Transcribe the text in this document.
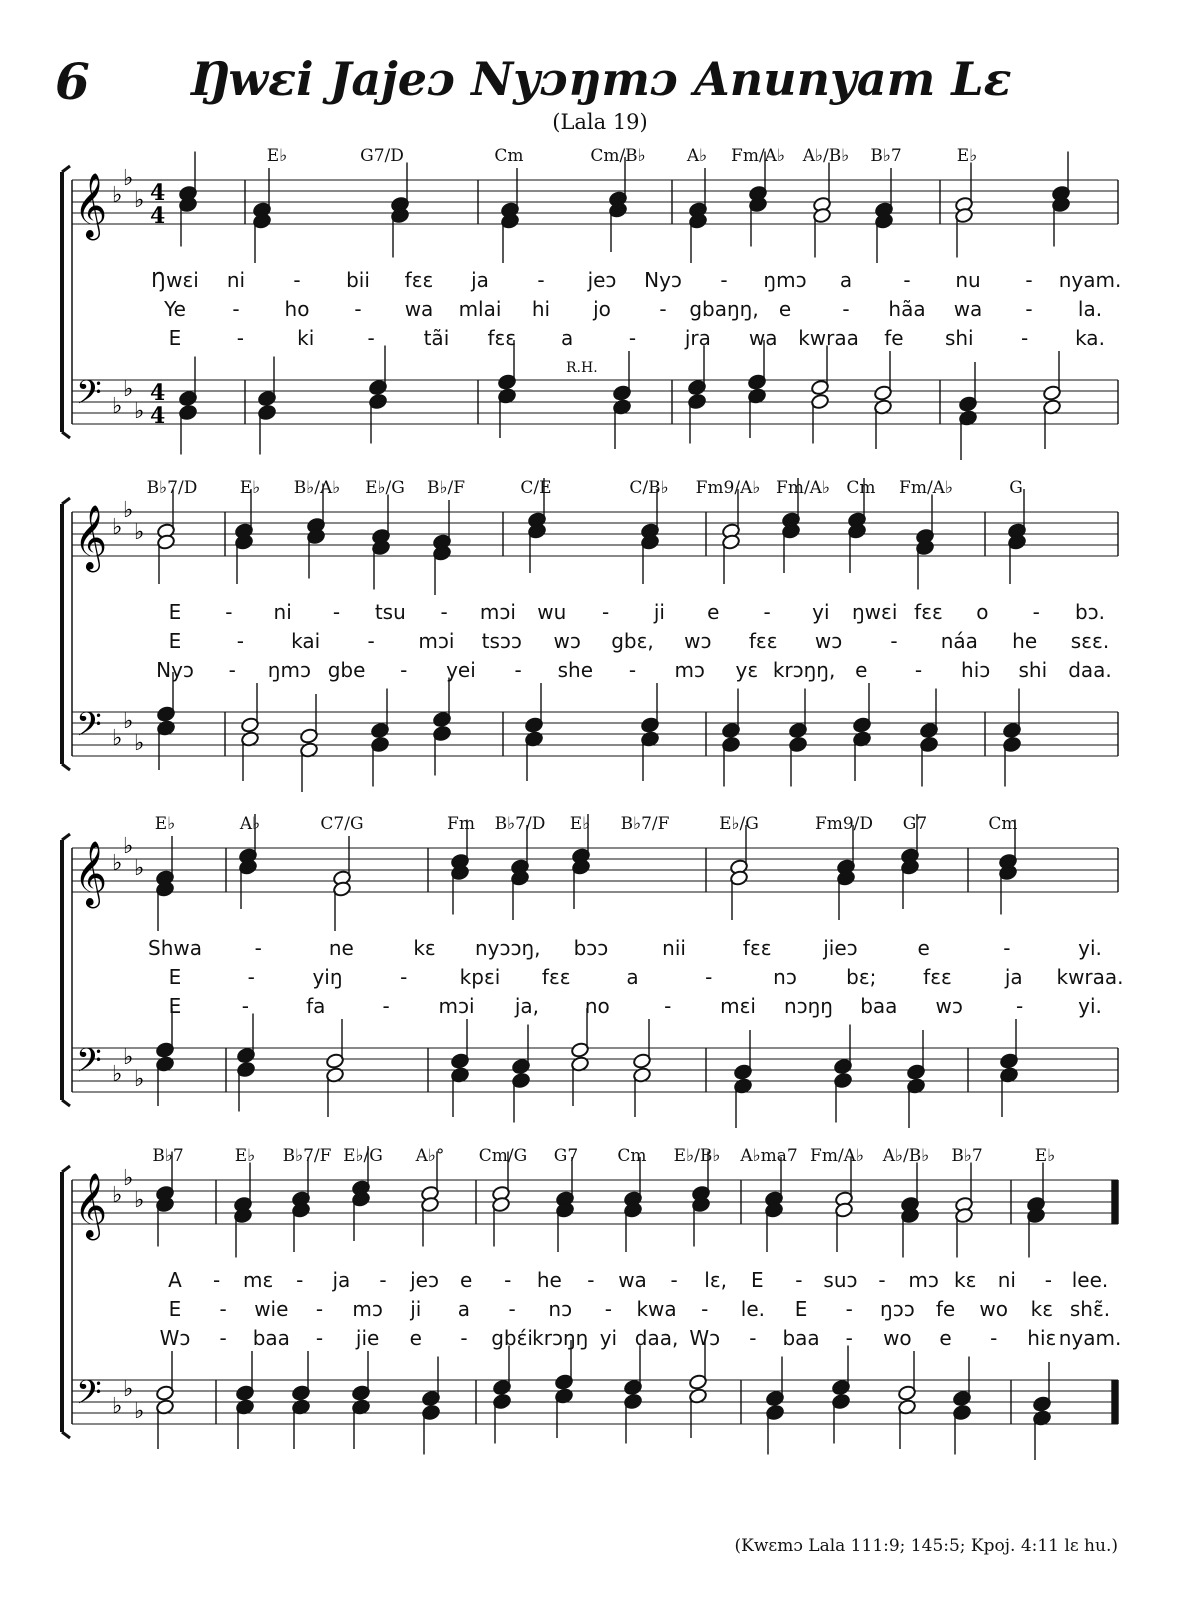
6	Ŋwɛi Jajeɔ Nyɔŋmɔ Anunyam Lɛ
(Lala 19)
𝄞
𝄢
♭
♭
♭
♭
♭
♭
4
4
4
4
E♭	G7/D	Cm	Cm/B♭ A♭ Fm/A♭ A♭/B♭ B♭7	E♭
Ŋwɛi ni - bii fɛɛ ja - jeɔ Nyɔ - ŋmɔ a	- nu - nyam.
Ye - ho - wa mlai hi jo - gbaŋŋ, e	- hãa wa - la.
E	-	ki	- tãi fɛɛ a	- jra wa kwraa fe shi - ka.
R.H.
𝄞
𝄢
♭
♭
♭
♭
♭
♭
B♭7/D E♭ B♭/A♭ E♭/G B♭/F	C/E	C/B♭ Fm9/A♭ Fm/A♭ Cm Fm/A♭	G
E - ni - tsu - mɔi wu - ji e - yi ŋwɛi fɛɛ o - bɔ.
E	- kai - mɔi tsɔɔ wɔ gbɛ, wɔ fɛɛ wɔ - náa he sɛɛ.
Nyɔ - ŋmɔ gbe - yei - she - mɔ yɛ krɔŋŋ, e - hiɔ shi daa.
𝄞
𝄢
♭
♭
♭
♭
♭
♭
E♭	A♭	C7/G	Fm B♭7/D E♭ B♭7/F	E♭/G	Fm9/D G7	Cm
Shwa	-	ne	kɛ nyɔɔŋ, bɔɔ	nii	fɛɛ	jieɔ	e	-	yi.
E	-	yiŋ	-	kpɛi fɛɛ	a	-	nɔ bɛ; fɛɛ	ja kwraa.
E	-	fa	- mɔi ja, no	- mɛi nɔŋŋ baa wɔ	-	yi.
𝄞
𝄢
♭
♭
♭
♭
♭
♭
B♭7	E♭ B♭7/F E♭/G A♭° Cm/G G7 Cm E♭/B♭ A♭ma7 Fm/A♭ A♭/B♭ B♭7	E♭
A - mɛ - ja - jeɔ e - he - wa - lɛ, E - suɔ - mɔ kɛ ni - lee.
E - wie - mɔ ji a - nɔ - kwa - le. E - ŋɔɔ fe wo kɛ shɛ̃.
Wɔ - baa - jie e - gbɛ́i krɔŋŋ yi daa, Wɔ - baa - wo e - hiɛ nyam.
(Kwɛmɔ Lala 111:9; 145:5; Kpoj. 4:11 lɛ hu.)
